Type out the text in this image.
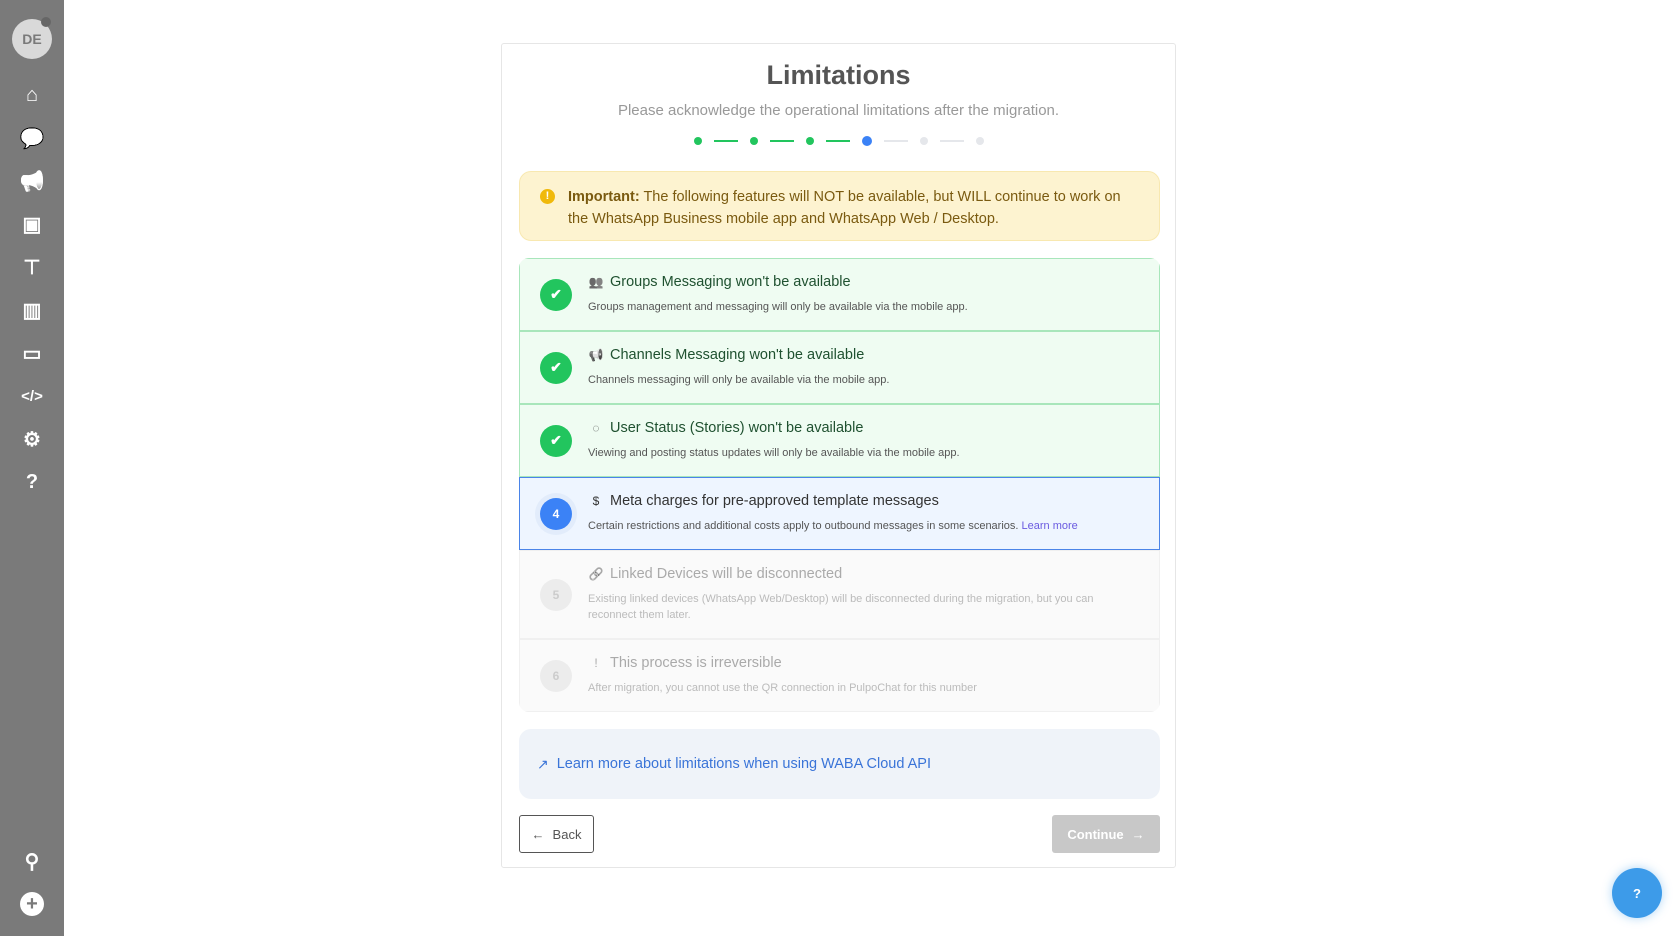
DE
⌂
💬
📢
▣
⊤
▥
▭
</>
⚙
?
⚲
+
Limitations
Please acknowledge the operational limitations after the migration.
!	Important: The following features will NOT be available, but WILL continue to work on the WhatsApp Business mobile app and WhatsApp Web / Desktop.
✔
👥 Groups Messaging won't be available
Groups management and messaging will only be available via the mobile app.
✔
📢 Channels Messaging won't be available
Channels messaging will only be available via the mobile app.
✔
◌ User Status (Stories) won't be available
Viewing and posting status updates will only be available via the mobile app.
4
$ Meta charges for pre-approved template messages
Certain restrictions and additional costs apply to outbound messages in some scenarios. Learn more
5
🔗 Linked Devices will be disconnected
Existing linked devices (WhatsApp Web/Desktop) will be disconnected during the migration, but you can reconnect them later.
6
! This process is irreversible
After migration, you cannot use the QR connection in PulpoChat for this number
↗ Learn more about limitations when using WABA Cloud API
← Back	Continue →
?
